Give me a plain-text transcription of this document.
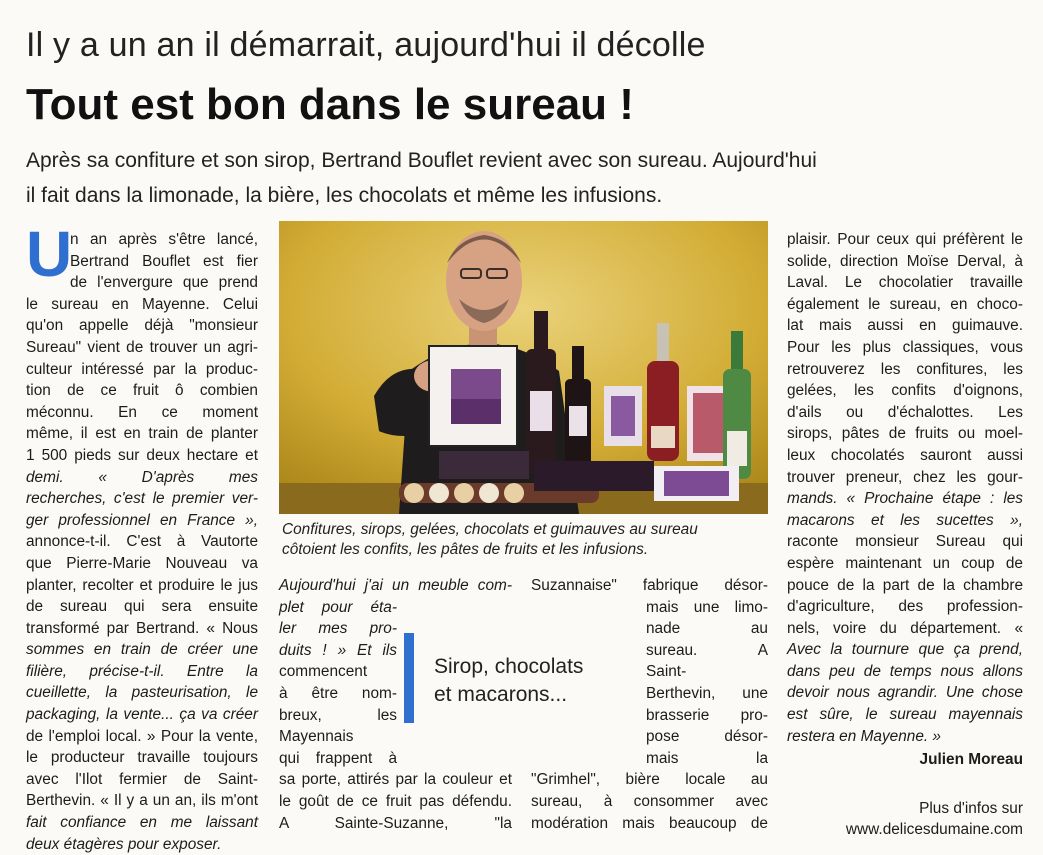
Il y a un an il démarrait, aujourd'hui il décolle
Tout est bon dans le sureau !
Après sa confiture et son sirop, Bertrand Bouflet revient avec son sureau. Aujourd'hui
il fait dans la limonade, la bière, les chocolats et même les infusions.
U
n an après s'être lancé,
Bertrand Bouflet est fier
de l'envergure que prend
le sureau en Mayenne. Celui
qu'on appelle déjà "monsieur
Sureau" vient de trouver un agri-
culteur intéressé par la produc-
tion de ce fruit ô combien
méconnu. En ce moment
même, il est en train de planter
1 500 pieds sur deux hectare et
demi. « D'après mes
recherches, c'est le premier ver-
ger professionnel en France »,
annonce-t-il. C'est à Vautorte
que Pierre-Marie Nouveau va
planter, recolter et produire le jus
de sureau qui sera ensuite
transformé par Bertrand. « Nous
sommes en train de créer une
filière, précise-t-il. Entre la
cueillette, la pasteurisation, le
packaging, la vente... ça va créer
de l'emploi local. » Pour la vente,
le producteur travaille toujours
avec l'Ilot fermier de Saint-
Berthevin. « Il y a un an, ils m'ont
fait confiance en me laissant
deux étagères pour exposer.
Confitures, sirops, gelées, chocolats et guimauves au sureau
côtoient les confits, les pâtes de fruits et les infusions.
Aujourd'hui j'ai un meuble com-
plet pour éta-
ler mes pro-
duits ! » Et ils
commencent
à être nom-
breux, les
Mayennais
qui frappent à
sa porte, attirés par la couleur et
le goût de ce fruit pas défendu.
A Sainte-Suzanne, "la
Suzannaise" fabrique désor-
mais une limo-
nade au
sureau. A
Saint-
Berthevin, une
brasserie pro-
pose désor-
mais la
"Grimhel", bière locale au
sureau, à consommer avec
modération mais beaucoup de
Sirop, chocolats
et macarons...
plaisir. Pour ceux qui préfèrent le
solide, direction Moïse Derval, à
Laval. Le chocolatier travaille
également le sureau, en choco-
lat mais aussi en guimauve.
Pour les plus classiques, vous
retrouverez les confitures, les
gelées, les confits d'oignons,
d'ails ou d'échalottes. Les
sirops, pâtes de fruits ou moel-
leux chocolatés sauront aussi
trouver preneur, chez les gour-
mands. « Prochaine étape : les
macarons et les sucettes »,
raconte monsieur Sureau qui
espère maintenant un coup de
pouce de la part de la chambre
d'agriculture, des profession-
nels, voire du département. «
Avec la tournure que ça prend,
dans peu de temps nous allons
devoir nous agrandir. Une chose
est sûre, le sureau mayennais
restera en Mayenne. »
Julien Moreau
Plus d'infos sur
www.delicesdumaine.com
